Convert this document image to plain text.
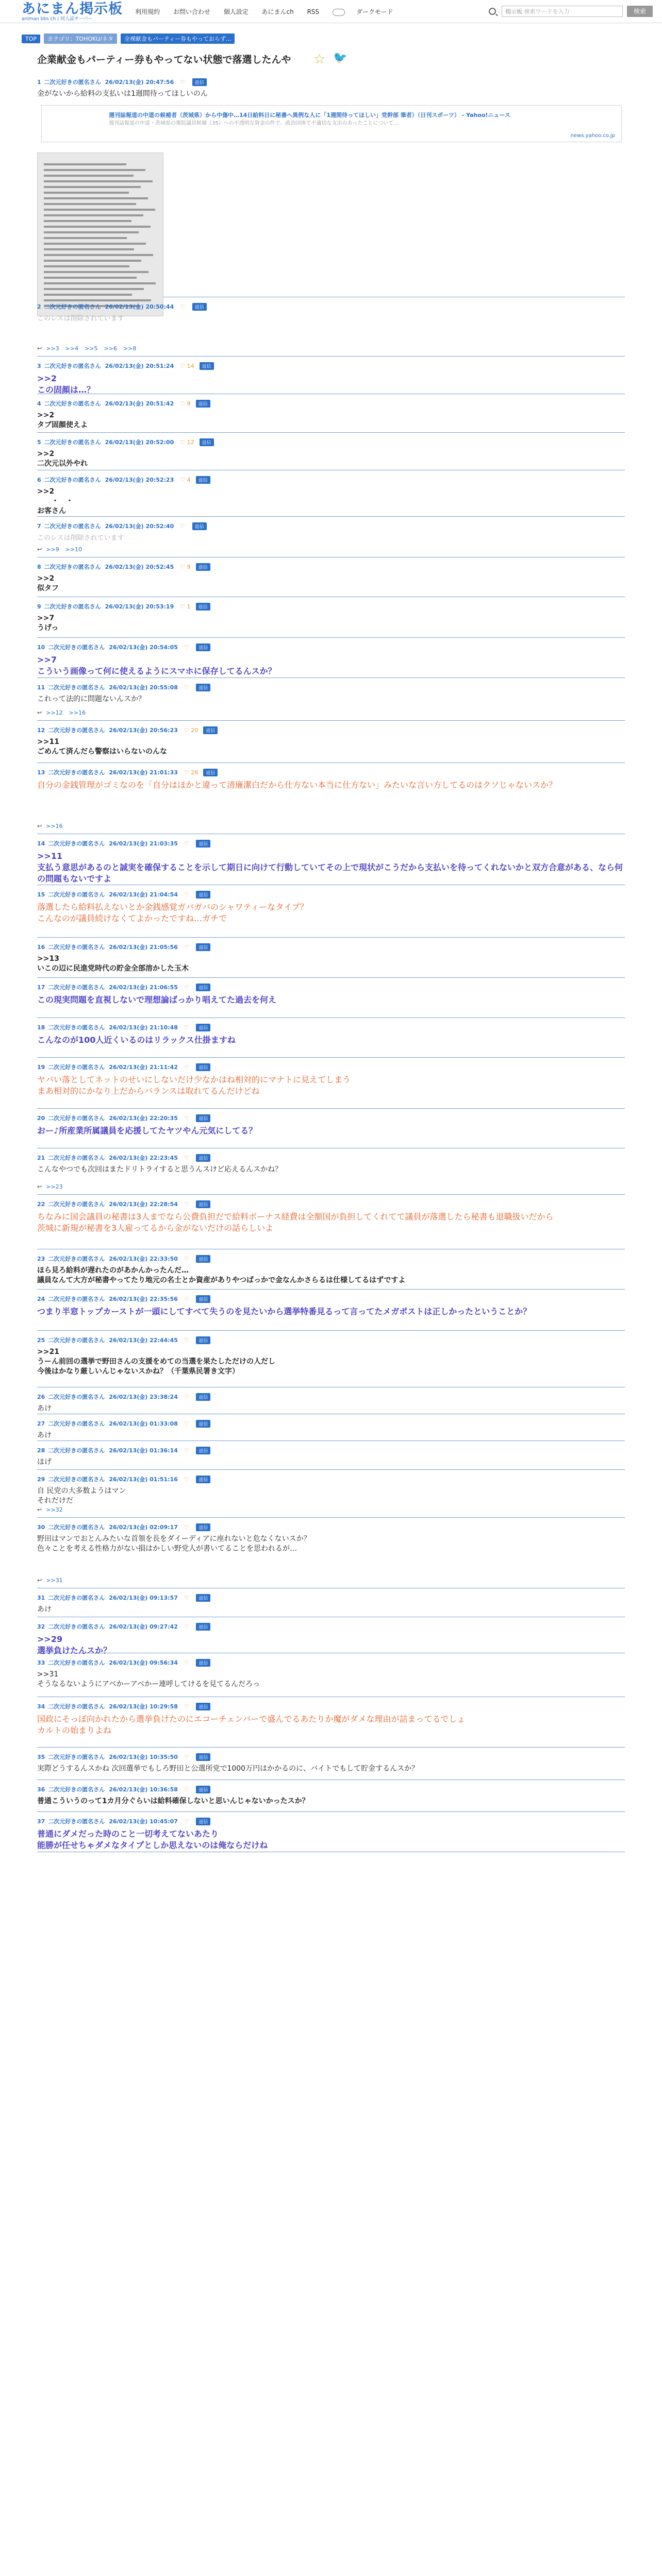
あにまん掲示板
animan bbs ch | 同人誌サーバー
利用規約 お問い合わせ 個人設定 あにまんch RSS	ダークモード	掲示板 検索ワードを入力	検索
TOP カテゴリ：TOHOKU/ネタ 全裸献金もパーティー券もやっておらず...
企業献金もパーティー券もやってない状態で落選したんや ☆ 🐦
1 二次元好きの匿名さん 26/02/13(金) 20:47:56 ♡ 返信
金がないから給料の支払いは1週間待ってほしいのん
週刊誌報道の中道の候補者（茨城県）から中傷中…14日給料日に秘書へ異例な人に「1週間待ってほしい」党幹部 筆者）（日刊スポーツ） - Yahoo!ニュース
週刊誌報道の中道・茨城県の衆院議員候補（35）への不透明な資金の件で、政治団体で不適切な支出のあったことについて…
news.yahoo.co.jp
2 二次元好きの匿名さん 26/02/13(金) 20:50:44 ♡ 返信
このレスは削除されています
↩ >>3 >>4 >>5 >>6 >>8
3 二次元好きの匿名さん 26/02/13(金) 20:51:24 ♡ 14 返信
>>2
この固顔は…？
4 二次元好きの匿名さん 26/02/13(金) 20:51:42 ♡ 9 返信
>>2
タブ固顔使えよ
5 二次元好きの匿名さん 26/02/13(金) 20:52:00 ♡ 12 返信
>>2
二次元以外やれ
6 二次元好きの匿名さん 26/02/13(金) 20:52:23 ♡ 4 返信
>>2
　　・　・
お客さん
7 二次元好きの匿名さん 26/02/13(金) 20:52:40 ♡ 返信
このレスは削除されています
↩ >>9 >>10
8 二次元好きの匿名さん 26/02/13(金) 20:52:45 ♡ 9 返信
>>2
似タフ
9 二次元好きの匿名さん 26/02/13(金) 20:53:19 ♡ 1 返信
>>7
うげっ
10 二次元好きの匿名さん 26/02/13(金) 20:54:05 ♡ 返信
>>7
こういう画像って何に使えるようにスマホに保存してるんスか？
11 二次元好きの匿名さん 26/02/13(金) 20:55:08 ♡ 返信
これって法的に問題ないんスか？
↩ >>12 >>16
12 二次元好きの匿名さん 26/02/13(金) 20:56:23 ♡ 20 返信
>>11
ごめんて済んだら警察はいらないのんな
13 二次元好きの匿名さん 26/02/13(金) 21:01:33 ♡ 28 返信
自分の金銭管理がゴミなのを「自分はほかと違って清廉潔白だから仕方ない本当に仕方ない」みたいな言い方してるのはクソじゃないスか？
↩ >>16
14 二次元好きの匿名さん 26/02/13(金) 21:03:35 ♡ 返信
>>11
支払う意思があるのと誠実を確保することを示して期日に向けて行動していてその上で現状がこうだから支払いを待ってくれないかと双方合意がある、なら何の問題もないですよ
15 二次元好きの匿名さん 26/02/13(金) 21:04:54 ♡ 返信
落選したら給料払えないとか金銭感覚ガバガバのシャワティーなタイプ？
こんなのが議員続けなくてよかったですね…ガチで
16 二次元好きの匿名さん 26/02/13(金) 21:05:56 ♡ 返信
>>13
いこの辺に民進党時代の貯金全部溶かした玉木
17 二次元好きの匿名さん 26/02/13(金) 21:06:55 ♡ 返信
この現実問題を直視しないで理想論ばっかり唱えてた過去を何え
18 二次元好きの匿名さん 26/02/13(金) 21:10:48 ♡ 返信
こんなのが100人近くいるのはリラックス仕掛ますね
19 二次元好きの匿名さん 26/02/13(金) 21:11:42 ♡ 返信
ヤバい落としてネットのせいにしないだけ少なかはね相対的にマナトに見えてしまう
まあ相対的にかなり上だからバランスは取れてるんだけどね
20 二次元好きの匿名さん 26/02/13(金) 22:20:35 ♡ 返信
おー♪所産業所属議員を応援してたヤツやん元気にしてる？
21 二次元好きの匿名さん 26/02/13(金) 22:23:45 ♡ 返信
こんなやつでも次回はまたドリトライすると思うんスけど応えるんスかね？
↩ >>23
22 二次元好きの匿名さん 26/02/13(金) 22:28:54 ♡ 返信
ちなみに国会議員の秘書は3人までなら公費負担だで給料ボーナス経費は全額国が負担してくれてて議員が落選したら秘書も退職扱いだから
茨城に新規が秘書を3人雇ってるから金がないだけの話らしいよ
23 二次元好きの匿名さん 26/02/13(金) 22:33:50 ♡ 返信
ほら見ろ給料が遅れたのがあかんかったんだ…
議員なんて大方が秘書やってたり地元の名士とか資産がありやつばっかで金なんかさらるは仕様してるはずですよ
24 二次元好きの匿名さん 26/02/13(金) 22:35:56 ♡ 返信
つまり半窓トップカーストが一頭にしてすべて失うのを見たいから選挙特番見るって言ってたメガポストは正しかったということか？
25 二次元好きの匿名さん 26/02/13(金) 22:44:45 ♡ 返信
>>21
うーん前回の選挙で野田さんの支援をめての当選を果たしただけの人だし
今後はかなり厳しいんじゃないスかね？（千葉県民署き文字）
26 二次元好きの匿名さん 26/02/13(金) 23:38:24 ♡ 返信
あけ
27 二次元好きの匿名さん 26/02/13(金) 01:33:08 ♡ 返信
あけ
28 二次元好きの匿名さん 26/02/13(金) 01:36:14 ♡ 返信
ほげ
29 二次元好きの匿名さん 26/02/13(金) 01:51:16 ♡ 返信
自 民党の大多数ようはマン
それだけだ
↩ >>32
30 二次元好きの匿名さん 26/02/13(金) 02:09:17 ♡ 返信
野田はマンでおとんみたいな首領を長をダイーディアに座れないと危なくないスか？
色々ことを考える性格力がない損はかしい野党人が書いてることを思われるが…
↩ >>31
31 二次元好きの匿名さん 26/02/13(金) 09:13:57 ♡ 返信
あけ
32 二次元好きの匿名さん 26/02/13(金) 09:27:42 ♡ 返信
>>29
選挙負けたんスか？
33 二次元好きの匿名さん 26/02/13(金) 09:56:34 ♡ 返信
>>31
そうなるないようにアベかーアベかー連呼してけるを見てるんだろっ
34 二次元好きの匿名さん 26/02/13(金) 10:29:58 ♡ 返信
国政にそっぽ向かれたから選挙負けたのにエコーチェンバーで盛んでるあたりか魔がダメな理由が詰まってるでしょ
カルトの始まりよね
35 二次元好きの匿名さん 26/02/13(金) 10:35:50 ♡ 返信
実際どうするんスかね 次回選挙でもしろ野田と公選所党で1000万円はかかるのに、バイトでもして貯金するんスか？
36 二次元好きの匿名さん 26/02/13(金) 10:36:58 ♡ 返信
普通こういうのって1カ月分ぐらいは給料確保しないと思いんじゃないかったスか？
37 二次元好きの匿名さん 26/02/13(金) 10:45:07 ♡ 返信
普通にダメだった時のこと一切考えてないあたり
能勝が任せちゃダメなタイプとしか思えないのは俺ならだけね
